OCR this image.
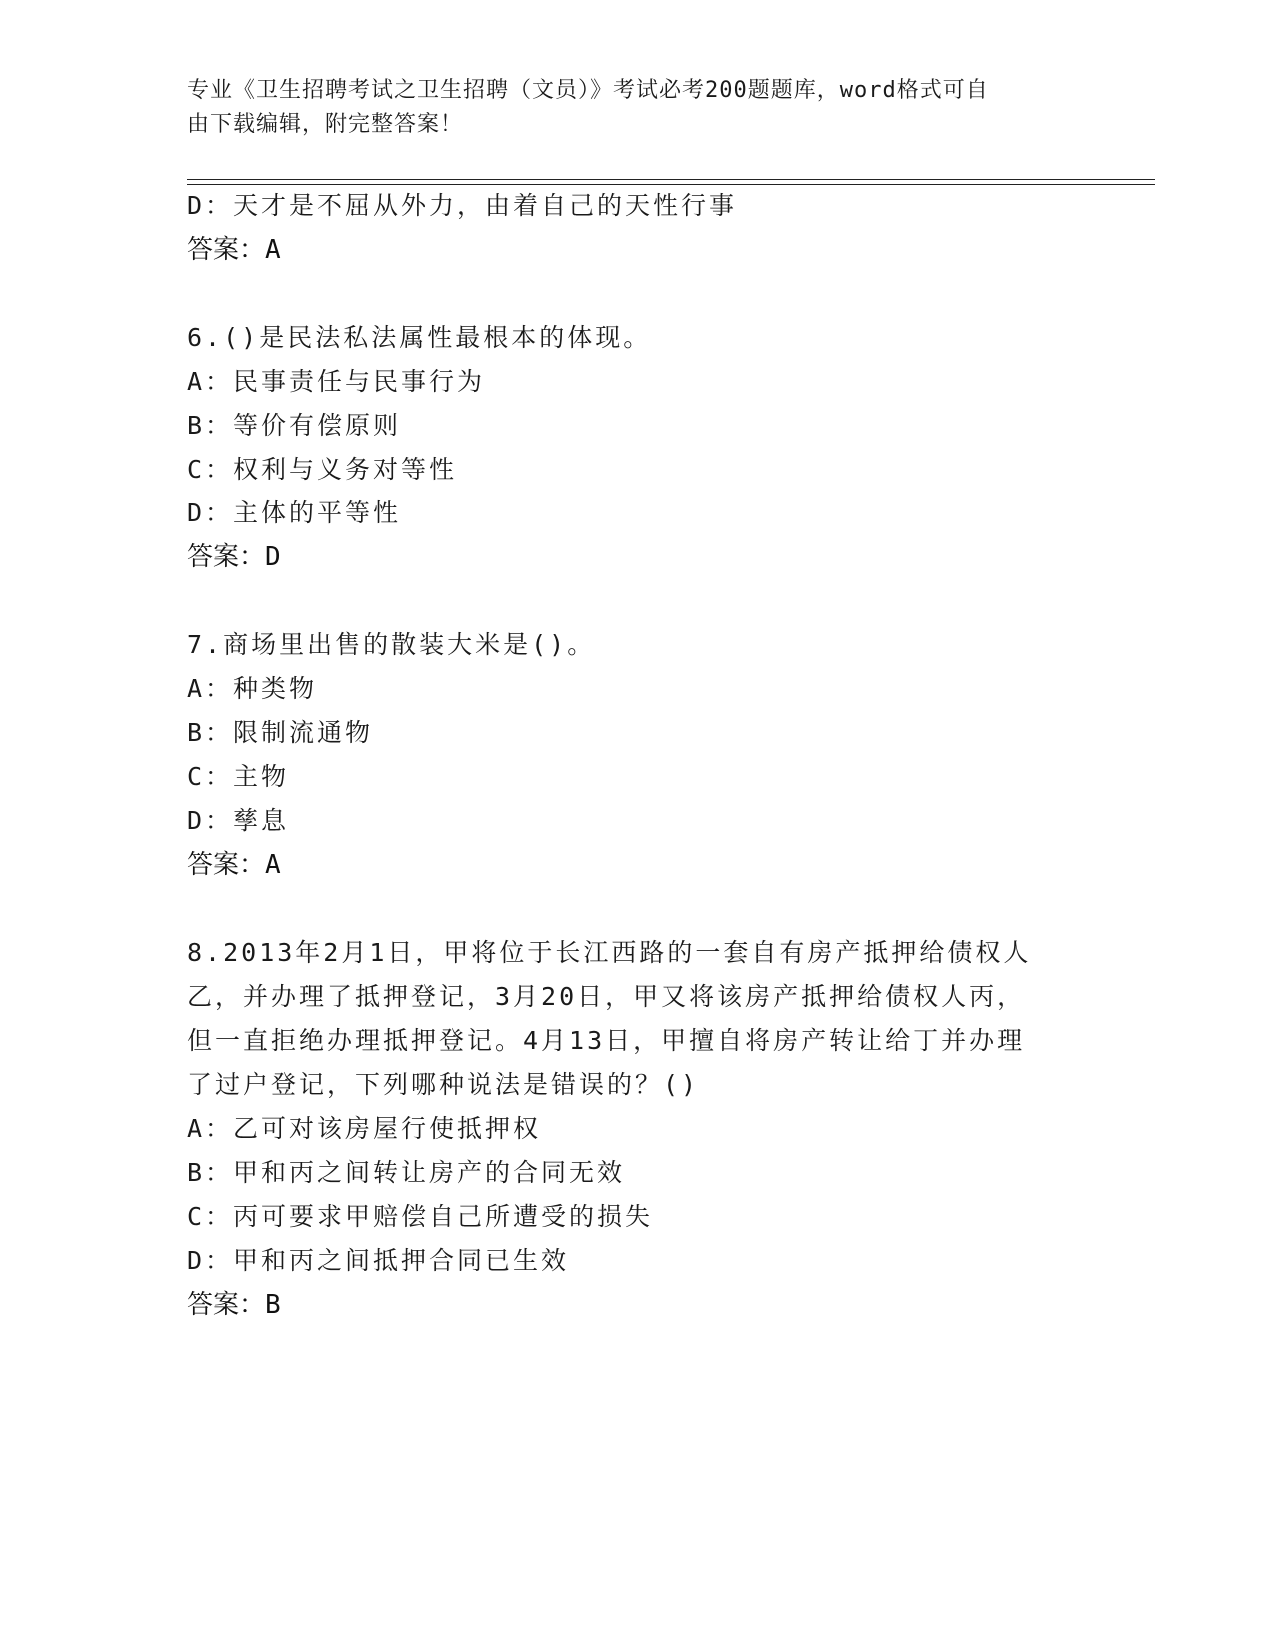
专业《卫生招聘考试之卫生招聘（文员）》考试必考200题题库，word格式可自
由下载编辑，附完整答案！
D：天才是不屈从外力，由着自己的天性行事
答案：A
6.()是民法私法属性最根本的体现。
A：民事责任与民事行为
B：等价有偿原则
C：权利与义务对等性
D：主体的平等性
答案：D
7.商场里出售的散装大米是()。
A：种类物
B：限制流通物
C：主物
D：孳息
答案：A
8.2013年2月1日，甲将位于长江西路的一套自有房产抵押给债权人
乙，并办理了抵押登记，3月20日，甲又将该房产抵押给债权人丙，
但一直拒绝办理抵押登记。4月13日，甲擅自将房产转让给丁并办理
了过户登记，下列哪种说法是错误的？()
A：乙可对该房屋行使抵押权
B：甲和丙之间转让房产的合同无效
C：丙可要求甲赔偿自己所遭受的损失
D：甲和丙之间抵押合同已生效
答案：B
